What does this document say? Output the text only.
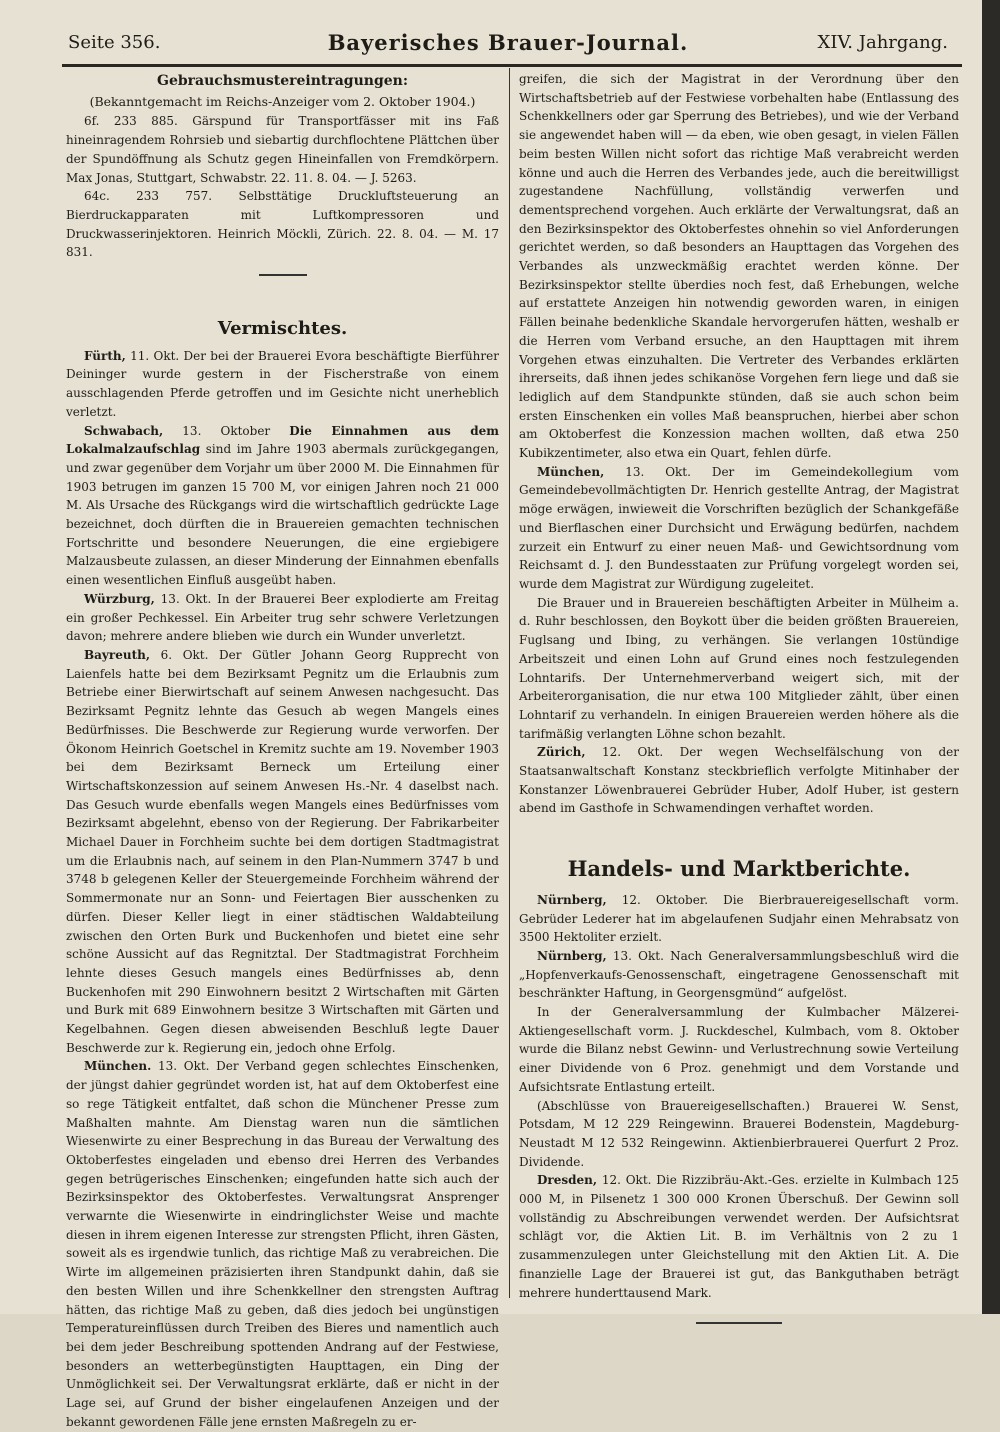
Seite 356.	Bayerisches Brauer-Journal.	XIV. Jahrgang.
Gebrauchsmustereintragungen:
(Bekanntgemacht im Reichs-Anzeiger vom 2. Oktober 1904.)

6f. 233 885. Gärspund für Transportfässer mit ins Faß hineinragendem Rohrsieb und siebartig durchflochtene Plättchen über der Spundöffnung als Schutz gegen Hineinfallen von Fremdkörpern. Max Jonas, Stuttgart, Schwabstr. 22. 11. 8. 04. — J. 5263.

64c. 233 757. Selbsttätige Druckluftsteuerung an Bierdruckapparaten mit Luftkompressoren und Druckwasserinjektoren. Heinrich Möckli, Zürich. 22. 8. 04. — M. 17 831.

Vermischtes.

Fürth, 11. Okt. Der bei der Brauerei Evora beschäftigte Bierführer Deininger wurde gestern in der Fischerstraße von einem ausschlagenden Pferde getroffen und im Gesichte nicht unerheblich verletzt.

Schwabach, 13. Oktober Die Einnahmen aus dem Lokalmalzaufschlag sind im Jahre 1903 abermals zurückgegangen, und zwar gegenüber dem Vorjahr um über 2000 M. Die Einnahmen für 1903 betrugen im ganzen 15 700 M, vor einigen Jahren noch 21 000 M. Als Ursache des Rückgangs wird die wirtschaftlich gedrückte Lage bezeichnet, doch dürften die in Brauereien gemachten technischen Fortschritte und besondere Neuerungen, die eine ergiebigere Malzausbeute zulassen, an dieser Minderung der Einnahmen ebenfalls einen wesentlichen Einfluß ausgeübt haben.

Würzburg, 13. Okt. In der Brauerei Beer explodierte am Freitag ein großer Pechkessel. Ein Arbeiter trug sehr schwere Verletzungen davon; mehrere andere blieben wie durch ein Wunder unverletzt.

Bayreuth, 6. Okt. Der Gütler Johann Georg Rupprecht von Laienfels hatte bei dem Bezirksamt Pegnitz um die Erlaubnis zum Betriebe einer Bierwirtschaft auf seinem Anwesen nachgesucht. Das Bezirksamt Pegnitz lehnte das Gesuch ab wegen Mangels eines Bedürfnisses. Die Beschwerde zur Regierung wurde verworfen. Der Ökonom Heinrich Goetschel in Kremitz suchte am 19. November 1903 bei dem Bezirksamt Berneck um Erteilung einer Wirtschaftskonzession auf seinem Anwesen Hs.-Nr. 4 daselbst nach. Das Gesuch wurde ebenfalls wegen Mangels eines Bedürfnisses vom Bezirksamt abgelehnt, ebenso von der Regierung. Der Fabrikarbeiter Michael Dauer in Forchheim suchte bei dem dortigen Stadtmagistrat um die Erlaubnis nach, auf seinem in den Plan-Nummern 3747 b und 3748 b gelegenen Keller der Steuergemeinde Forchheim während der Sommermonate nur an Sonn- und Feiertagen Bier ausschenken zu dürfen. Dieser Keller liegt in einer städtischen Waldabteilung zwischen den Orten Burk und Buckenhofen und bietet eine sehr schöne Aussicht auf das Regnitztal. Der Stadtmagistrat Forchheim lehnte dieses Gesuch mangels eines Bedürfnisses ab, denn Buckenhofen mit 290 Einwohnern besitzt 2 Wirtschaften mit Gärten und Burk mit 689 Einwohnern besitze 3 Wirtschaften mit Gärten und Kegelbahnen. Gegen diesen abweisenden Beschluß legte Dauer Beschwerde zur k. Regierung ein, jedoch ohne Erfolg.

München. 13. Okt. Der Verband gegen schlechtes Einschenken, der jüngst dahier gegründet worden ist, hat auf dem Oktoberfest eine so rege Tätigkeit entfaltet, daß schon die Münchener Presse zum Maßhalten mahnte. Am Dienstag waren nun die sämtlichen Wiesenwirte zu einer Besprechung in das Bureau der Verwaltung des Oktoberfestes eingeladen und ebenso drei Herren des Verbandes gegen betrügerisches Einschenken; eingefunden hatte sich auch der Bezirksinspektor des Oktoberfestes. Verwaltungsrat Ansprenger verwarnte die Wiesenwirte in eindringlichster Weise und machte diesen in ihrem eigenen Interesse zur strengsten Pflicht, ihren Gästen, soweit als es irgendwie tunlich, das richtige Maß zu verabreichen. Die Wirte im allgemeinen präzisierten ihren Standpunkt dahin, daß sie den besten Willen und ihre Schenkkellner den strengsten Auftrag hätten, das richtige Maß zu geben, daß dies jedoch bei ungünstigen Temperatureinflüssen durch Treiben des Bieres und namentlich auch bei dem jeder Beschreibung spottenden Andrang auf der Festwiese, besonders an wetterbegünstigten Haupttagen, ein Ding der Unmöglichkeit sei. Der Verwaltungsrat erklärte, daß er nicht in der Lage sei, auf Grund der bisher eingelaufenen Anzeigen und der bekannt gewordenen Fälle jene ernsten Maßregeln zu er-

greifen, die sich der Magistrat in der Verordnung über den Wirtschaftsbetrieb auf der Festwiese vorbehalten habe (Entlassung des Schenkkellners oder gar Sperrung des Betriebes), und wie der Verband sie angewendet haben will — da eben, wie oben gesagt, in vielen Fällen beim besten Willen nicht sofort das richtige Maß verabreicht werden könne und auch die Herren des Verbandes jede, auch die bereitwilligst zugestandene Nachfüllung, vollständig verwerfen und dementsprechend vorgehen. Auch erklärte der Verwaltungsrat, daß an den Bezirksinspektor des Oktoberfestes ohnehin so viel Anforderungen gerichtet werden, so daß besonders an Haupttagen das Vorgehen des Verbandes als unzweckmäßig erachtet werden könne. Der Bezirksinspektor stellte überdies noch fest, daß Erhebungen, welche auf erstattete Anzeigen hin notwendig geworden waren, in einigen Fällen beinahe bedenkliche Skandale hervorgerufen hätten, weshalb er die Herren vom Verband ersuche, an den Haupttagen mit ihrem Vorgehen etwas einzuhalten. Die Vertreter des Verbandes erklärten ihrerseits, daß ihnen jedes schikanöse Vorgehen fern liege und daß sie lediglich auf dem Standpunkte stünden, daß sie auch schon beim ersten Einschenken ein volles Maß beanspruchen, hierbei aber schon am Oktoberfest die Konzession machen wollten, daß etwa 250 Kubikzentimeter, also etwa ein Quart, fehlen dürfe.

München, 13. Okt. Der im Gemeindekollegium vom Gemeindebevollmächtigten Dr. Henrich gestellte Antrag, der Magistrat möge erwägen, inwieweit die Vorschriften bezüglich der Schankgefäße und Bierflaschen einer Durchsicht und Erwägung bedürfen, nachdem zurzeit ein Entwurf zu einer neuen Maß- und Gewichtsordnung vom Reichsamt d. J. den Bundesstaaten zur Prüfung vorgelegt worden sei, wurde dem Magistrat zur Würdigung zugeleitet.

Die Brauer und in Brauereien beschäftigten Arbeiter in Mülheim a. d. Ruhr beschlossen, den Boykott über die beiden größten Brauereien, Fuglsang und Ibing, zu verhängen. Sie verlangen 10stündige Arbeitszeit und einen Lohn auf Grund eines noch festzulegenden Lohntarifs. Der Unternehmerverband weigert sich, mit der Arbeiterorganisation, die nur etwa 100 Mitglieder zählt, über einen Lohntarif zu verhandeln. In einigen Brauereien werden höhere als die tarifmäßig verlangten Löhne schon bezahlt.

Zürich, 12. Okt. Der wegen Wechselfälschung von der Staatsanwaltschaft Konstanz steckbrieflich verfolgte Mitinhaber der Konstanzer Löwenbrauerei Gebrüder Huber, Adolf Huber, ist gestern abend im Gasthofe in Schwamendingen verhaftet worden.

Handels- und Marktberichte.

Nürnberg, 12. Oktober. Die Bierbrauereigesellschaft vorm. Gebrüder Lederer hat im abgelaufenen Sudjahr einen Mehrabsatz von 3500 Hektoliter erzielt.

Nürnberg, 13. Okt. Nach Generalversammlungsbeschluß wird die „Hopfenverkaufs-Genossenschaft, eingetragene Genossenschaft mit beschränkter Haftung, in Georgensgmünd“ aufgelöst.

In der Generalversammlung der Kulmbacher Mälzerei-Aktiengesellschaft vorm. J. Ruckdeschel, Kulmbach, vom 8. Oktober wurde die Bilanz nebst Gewinn- und Verlustrechnung sowie Verteilung einer Dividende von 6 Proz. genehmigt und dem Vorstande und Aufsichtsrate Entlastung erteilt.

(Abschlüsse von Brauereigesellschaften.) Brauerei W. Senst, Potsdam, M 12 229 Reingewinn. Brauerei Bodenstein, Magdeburg-Neustadt M 12 532 Reingewinn. Aktienbierbrauerei Querfurt 2 Proz. Dividende.

Dresden, 12. Okt. Die Rizzibräu-Akt.-Ges. erzielte in Kulmbach 125 000 M, in Pilsenetz 1 300 000 Kronen Überschuß. Der Gewinn soll vollständig zu Abschreibungen verwendet werden. Der Aufsichtsrat schlägt vor, die Aktien Lit. B. im Verhältnis von 2 zu 1 zusammenzulegen unter Gleichstellung mit den Aktien Lit. A. Die finanzielle Lage der Brauerei ist gut, das Bankguthaben beträgt mehrere hunderttausend Mark.
